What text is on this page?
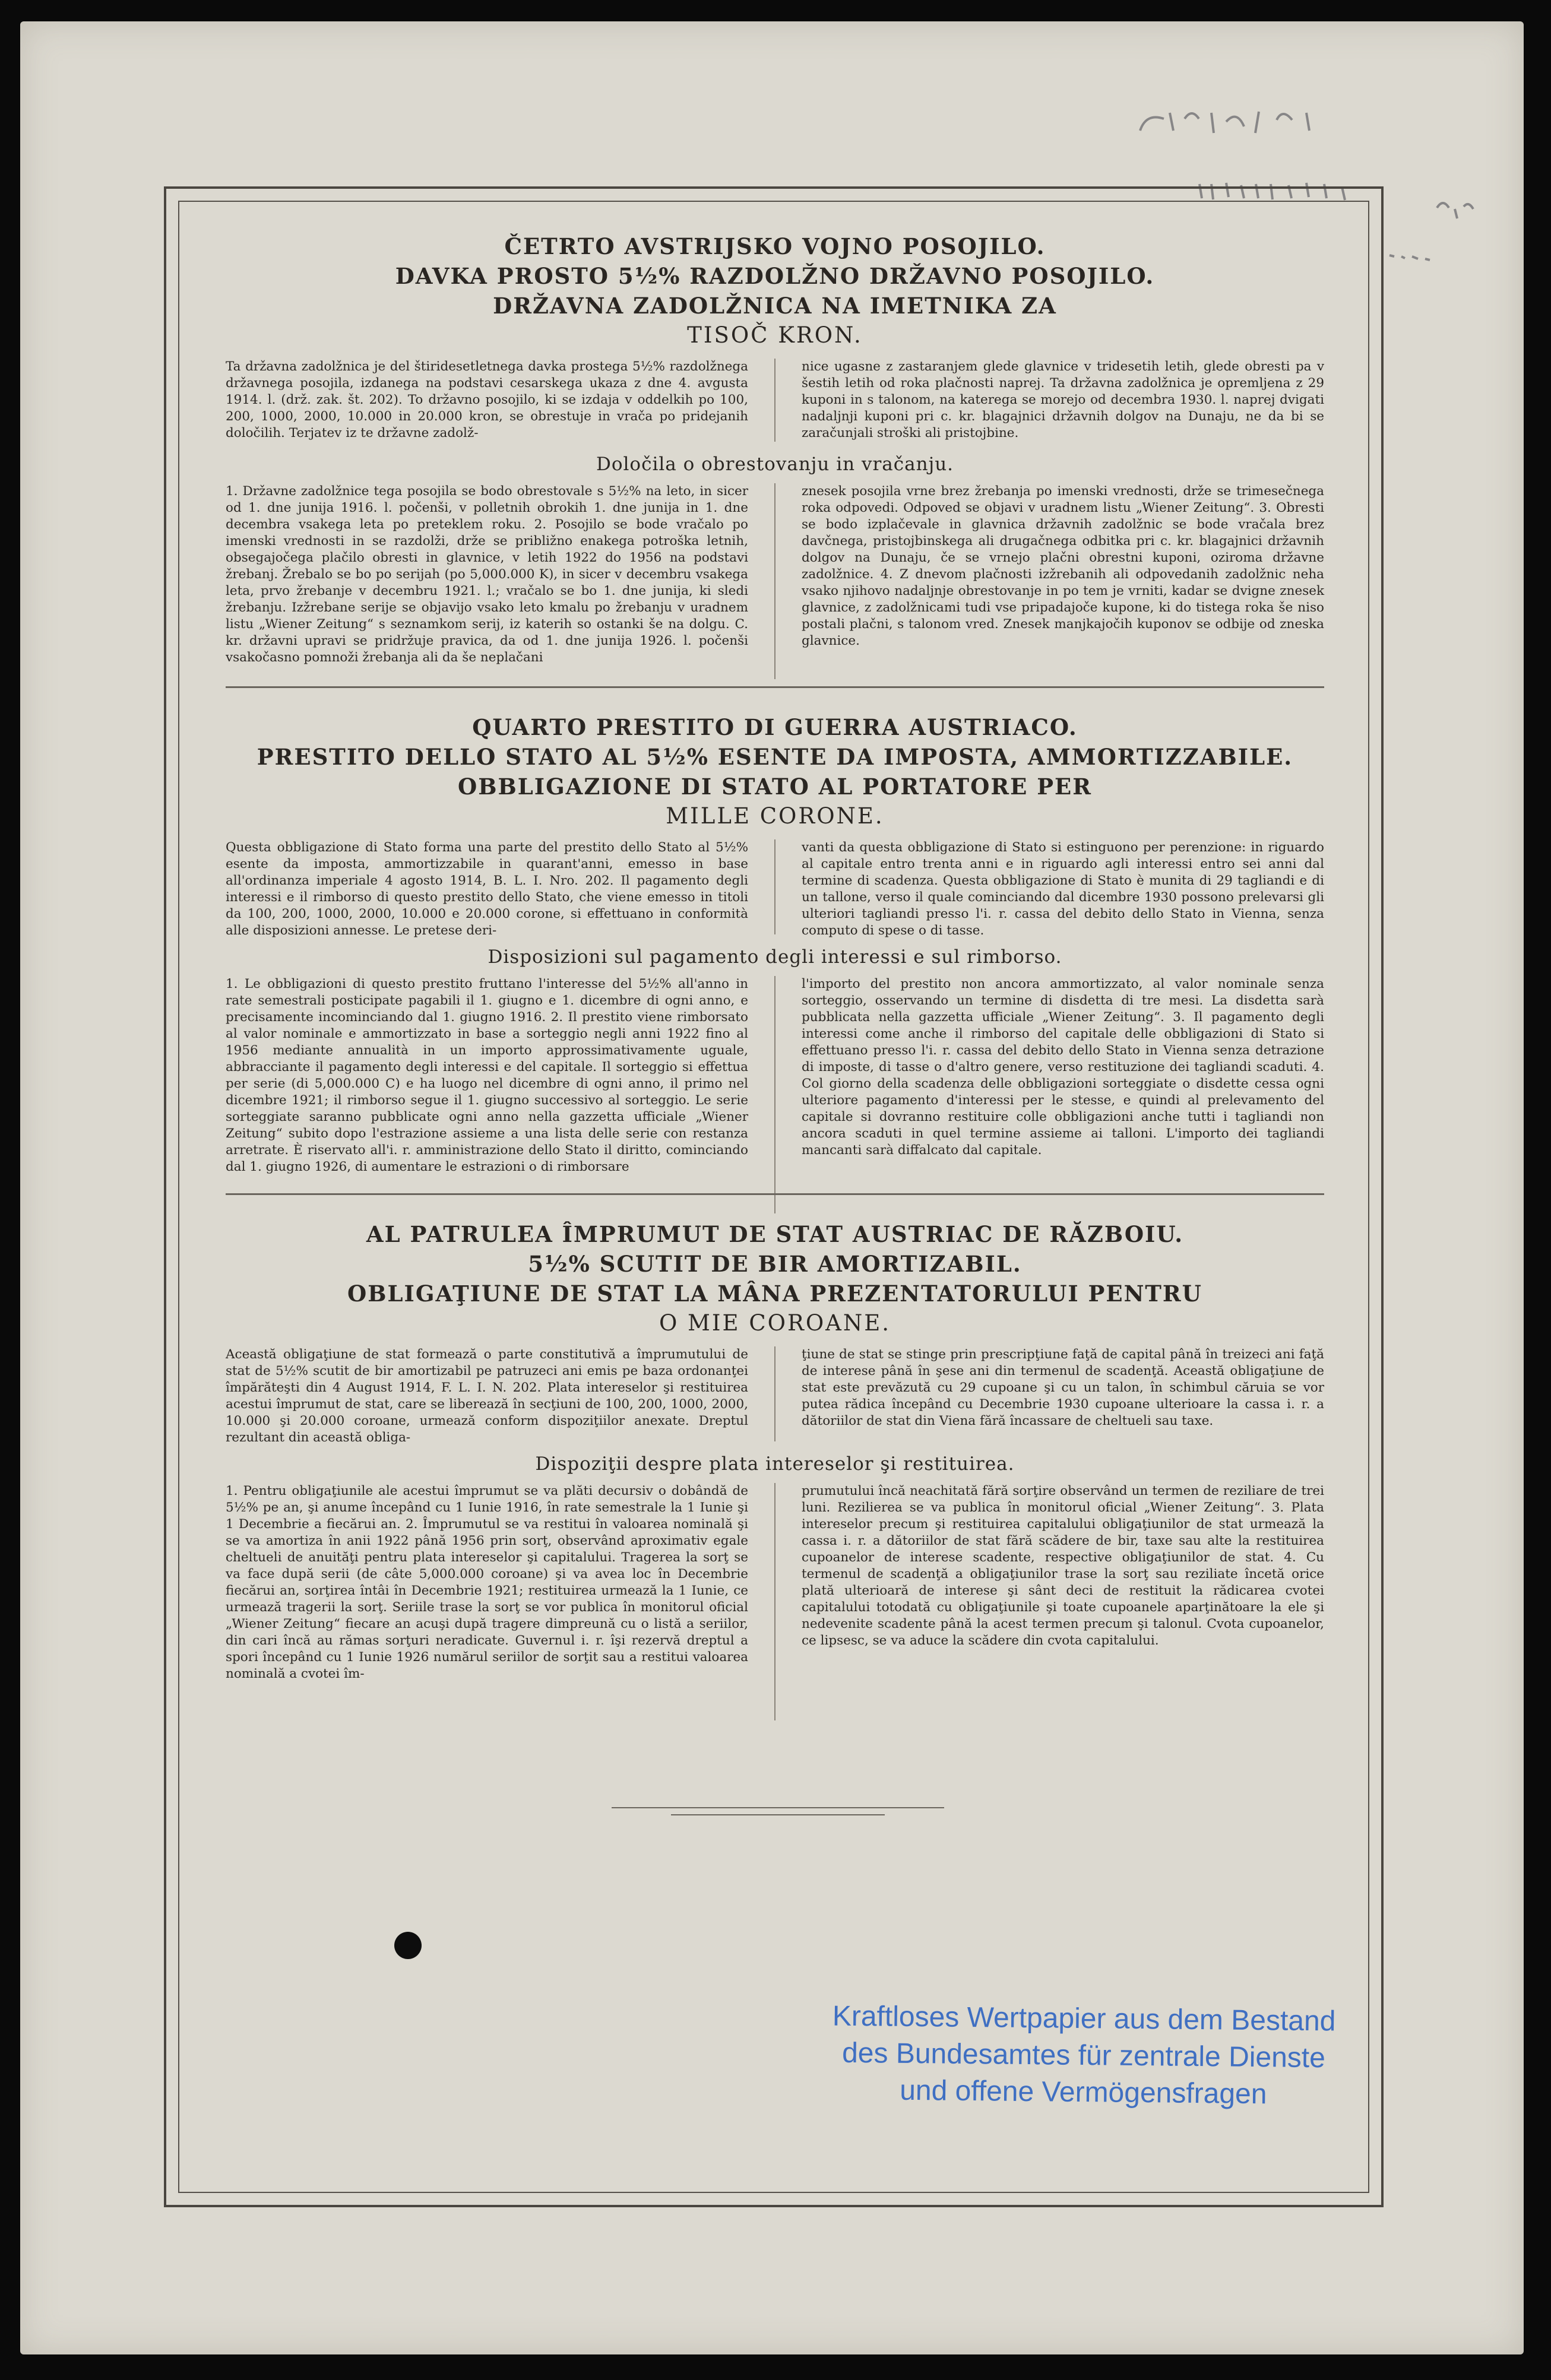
ČETRTO AVSTRIJSKO VOJNO POSOJILO.

DAVKA PROSTO 5½% RAZDOLŽNO DRŽAVNO POSOJILO.

DRŽAVNA ZADOLŽNICA NA IMETNIKA ZA

TISOČ KRON.

Ta državna zadolžnica je del štiridesetletnega davka prostega 5½% razdolžnega državnega posojila, izdanega na podstavi cesarskega ukaza z dne 4. avgusta 1914. l. (drž. zak. št. 202). To državno posojilo, ki se izdaja v oddelkih po 100, 200, 1000, 2000, 10.000 in 20.000 kron, se obrestuje in vrača po pridejanih določilih. Terjatev iz te državne zadolž-

nice ugasne z zastaranjem glede glavnice v tridesetih letih, glede obresti pa v šestih letih od roka plačnosti naprej. Ta državna zadolžnica je opremljena z 29 kuponi in s talonom, na katerega se morejo od decembra 1930. l. naprej dvigati nadaljnji kuponi pri c. kr. blagajnici državnih dolgov na Dunaju, ne da bi se zaračunjali stroški ali pristojbine.

Določila o obrestovanju in vračanju.

1. Državne zadolžnice tega posojila se bodo obrestovale s 5½% na leto, in sicer od 1. dne junija 1916. l. počenši, v polletnih obrokih 1. dne junija in 1. dne decembra vsakega leta po preteklem roku. 2. Posojilo se bode vračalo po imenski vrednosti in se razdolži, drže se približno enakega potroška letnih, obsegajočega plačilo obresti in glavnice, v letih 1922 do 1956 na podstavi žrebanj. Žrebalo se bo po serijah (po 5,000.000 K), in sicer v decembru vsakega leta, prvo žrebanje v decembru 1921. l.; vračalo se bo 1. dne junija, ki sledi žrebanju. Izžrebane serije se objavijo vsako leto kmalu po žrebanju v uradnem listu „Wiener Zeitung“ s seznamkom serij, iz katerih so ostanki še na dolgu. C. kr. državni upravi se pridržuje pravica, da od 1. dne junija 1926. l. počenši vsakočasno pomnoži žrebanja ali da še neplačani

znesek posojila vrne brez žrebanja po imenski vrednosti, drže se trimesečnega roka odpovedi. Odpoved se objavi v uradnem listu „Wiener Zeitung“. 3. Obresti se bodo izplačevale in glavnica državnih zadolžnic se bode vračala brez davčnega, pristojbinskega ali drugačnega odbitka pri c. kr. blagajnici državnih dolgov na Dunaju, če se vrnejo plačni obrestni kuponi, oziroma državne zadolžnice. 4. Z dnevom plačnosti izžrebanih ali odpovedanih zadolžnic neha vsako njihovo nadaljnje obrestovanje in po tem je vrniti, kadar se dvigne znesek glavnice, z zadolžnicami tudi vse pripadajoče kupone, ki do tistega roka še niso postali plačni, s talonom vred. Znesek manjkajočih kuponov se odbije od zneska glavnice.

QUARTO PRESTITO DI GUERRA AUSTRIACO.

PRESTITO DELLO STATO AL 5½% ESENTE DA IMPOSTA, AMMORTIZZABILE.

OBBLIGAZIONE DI STATO AL PORTATORE PER

MILLE CORONE.

Questa obbligazione di Stato forma una parte del prestito dello Stato al 5½% esente da imposta, ammortizzabile in quarant'anni, emesso in base all'ordinanza imperiale 4 agosto 1914, B. L. I. Nro. 202. Il pagamento degli interessi e il rimborso di questo prestito dello Stato, che viene emesso in titoli da 100, 200, 1000, 2000, 10.000 e 20.000 corone, si effettuano in conformità alle disposizioni annesse. Le pretese deri-

vanti da questa obbligazione di Stato si estinguono per perenzione: in riguardo al capitale entro trenta anni e in riguardo agli interessi entro sei anni dal termine di scadenza. Questa obbligazione di Stato è munita di 29 tagliandi e di un tallone, verso il quale cominciando dal dicembre 1930 possono prelevarsi gli ulteriori tagliandi presso l'i. r. cassa del debito dello Stato in Vienna, senza computo di spese o di tasse.

Disposizioni sul pagamento degli interessi e sul rimborso.

1. Le obbligazioni di questo prestito fruttano l'interesse del 5½% all'anno in rate semestrali posticipate pagabili il 1. giugno e 1. dicembre di ogni anno, e precisamente incominciando dal 1. giugno 1916. 2. Il prestito viene rimborsato al valor nominale e ammortizzato in base a sorteggio negli anni 1922 fino al 1956 mediante annualità in un importo approssimativamente uguale, abbracciante il pagamento degli interessi e del capitale. Il sorteggio si effettua per serie (di 5,000.000 C) e ha luogo nel dicembre di ogni anno, il primo nel dicembre 1921; il rimborso segue il 1. giugno successivo al sorteggio. Le serie sorteggiate saranno pubblicate ogni anno nella gazzetta ufficiale „Wiener Zeitung“ subito dopo l'estrazione assieme a una lista delle serie con restanza arretrate. È riservato all'i. r. amministrazione dello Stato il diritto, cominciando dal 1. giugno 1926, di aumentare le estrazioni o di rimborsare

l'importo del prestito non ancora ammortizzato, al valor nominale senza sorteggio, osservando un termine di disdetta di tre mesi. La disdetta sarà pubblicata nella gazzetta ufficiale „Wiener Zeitung“. 3. Il pagamento degli interessi come anche il rimborso del capitale delle obbligazioni di Stato si effettuano presso l'i. r. cassa del debito dello Stato in Vienna senza detrazione di imposte, di tasse o d'altro genere, verso restituzione dei tagliandi scaduti. 4. Col giorno della scadenza delle obbligazioni sorteggiate o disdette cessa ogni ulteriore pagamento d'interessi per le stesse, e quindi al prelevamento del capitale si dovranno restituire colle obbligazioni anche tutti i tagliandi non ancora scaduti in quel termine assieme ai talloni. L'importo dei tagliandi mancanti sarà diffalcato dal capitale.

AL PATRULEA ÎMPRUMUT DE STAT AUSTRIAC DE RĂZBOIU.

5½% SCUTIT DE BIR AMORTIZABIL.

OBLIGAŢIUNE DE STAT LA MÂNA PREZENTATORULUI PENTRU

O MIE COROANE.

Această obligaţiune de stat formează o parte constitutivă a împrumutului de stat de 5½% scutit de bir amortizabil pe patruzeci ani emis pe baza ordonanţei împărăteşti din 4 August 1914, F. L. I. N. 202. Plata intereselor şi restituirea acestui împrumut de stat, care se liberează în secţiuni de 100, 200, 1000, 2000, 10.000 şi 20.000 coroane, urmează conform dispoziţiilor anexate. Dreptul rezultant din această obliga-

ţiune de stat se stinge prin prescripţiune faţă de capital până în treizeci ani faţă de interese până în şese ani din termenul de scadenţă. Această obligaţiune de stat este prevăzută cu 29 cupoane şi cu un talon, în schimbul căruia se vor putea rădica începând cu Decembrie 1930 cupoane ulterioare la cassa i. r. a dătoriilor de stat din Viena fără încassare de cheltueli sau taxe.

Dispoziţii despre plata intereselor şi restituirea.

1. Pentru obligaţiunile ale acestui împrumut se va plăti decursiv o dobândă de 5½% pe an, şi anume începând cu 1 Iunie 1916, în rate semestrale la 1 Iunie şi 1 Decembrie a fiecărui an. 2. Împrumutul se va restitui în valoarea nominală şi se va amortiza în anii 1922 până 1956 prin sorţ, observând aproximativ egale cheltueli de anuităţi pentru plata intereselor şi capitalului. Tragerea la sorţ se va face după serii (de câte 5,000.000 coroane) şi va avea loc în Decembrie fiecărui an, sorţirea întâi în Decembrie 1921; restituirea urmează la 1 Iunie, ce urmează tragerii la sorţ. Seriile trase la sorţ se vor publica în monitorul oficial „Wiener Zeitung“ fiecare an acuşi după tragere dimpreună cu o listă a seriilor, din cari încă au rămas sorţuri neradicate. Guvernul i. r. îşi rezervă dreptul a spori începând cu 1 Iunie 1926 numărul seriilor de sorţit sau a restitui valoarea nominală a cvotei îm-

prumutului încă neachitată fără sorţire observând un termen de reziliare de trei luni. Rezilierea se va publica în monitorul oficial „Wiener Zeitung“. 3. Plata intereselor precum şi restituirea capitalului obligaţiunilor de stat urmează la cassa i. r. a dătoriilor de stat fără scădere de bir, taxe sau alte la restituirea cupoanelor de interese scadente, respective obligaţiunilor de stat. 4. Cu termenul de scadenţă a obligaţiunilor trase la sorţ sau reziliate încetă orice plată ulterioară de interese şi sânt deci de restituit la rădicarea cvotei capitalului totodată cu obligaţiunile şi toate cupoanele aparţinătoare la ele şi nedevenite scadente până la acest termen precum şi talonul. Cvota cupoanelor, ce lipsesc, se va aduce la scădere din cvota capitalului.

Kraftloses Wertpapier aus dem Bestand
des Bundesamtes für zentrale Dienste
und offene Vermögensfragen
